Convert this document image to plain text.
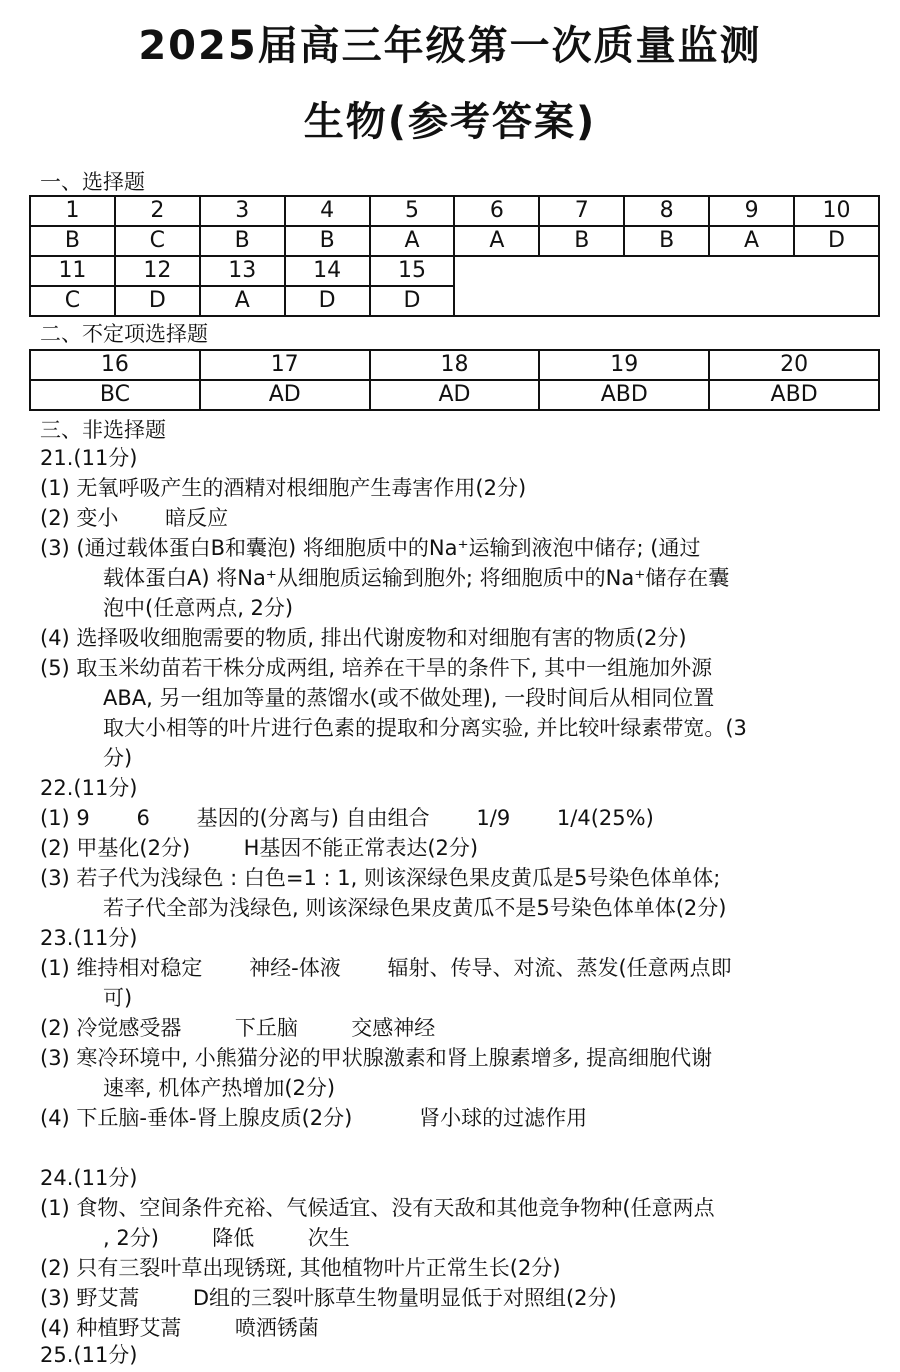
2025届高三年级第一次质量监测
生物(参考答案)
一、选择题
1	2	3	4	5	6	7	8	9	10
B	C	B	B	A	A	B	B	A	D
11	12	13	14	15					
C	D	A	D	D					
二、不定项选择题
16	17	18	19	20
BC	AD	AD	ABD	ABD
三、非选择题
21.(11分)
(1) 无氧呼吸产生的酒精对根细胞产生毒害作用(2分)
(2) 变小       暗反应
(3) (通过载体蛋白B和囊泡) 将细胞质中的Na⁺运输到液泡中储存; (通过
载体蛋白A) 将Na⁺从细胞质运输到胞外; 将细胞质中的Na⁺储存在囊
泡中(任意两点, 2分)
(4) 选择吸收细胞需要的物质, 排出代谢废物和对细胞有害的物质(2分)
(5) 取玉米幼苗若干株分成两组, 培养在干旱的条件下, 其中一组施加外源
ABA, 另一组加等量的蒸馏水(或不做处理), 一段时间后从相同位置
取大小相等的叶片进行色素的提取和分离实验, 并比较叶绿素带宽。(3
分)
22.(11分)
(1) 9       6       基因的(分离与) 自由组合       1/9       1/4(25%)
(2) 甲基化(2分)        H基因不能正常表达(2分)
(3) 若子代为浅绿色 : 白色=1 : 1, 则该深绿色果皮黄瓜是5号染色体单体;
若子代全部为浅绿色, 则该深绿色果皮黄瓜不是5号染色体单体(2分)
23.(11分)
(1) 维持相对稳定       神经-体液       辐射、传导、对流、蒸发(任意两点即
可)
(2) 冷觉感受器        下丘脑        交感神经
(3) 寒冷环境中, 小熊猫分泌的甲状腺激素和肾上腺素增多, 提高细胞代谢
速率, 机体产热增加(2分)
(4) 下丘脑-垂体-肾上腺皮质(2分)          肾小球的过滤作用
24.(11分)
(1) 食物、空间条件充裕、气候适宜、没有天敌和其他竞争物种(任意两点
, 2分)        降低        次生
(2) 只有三裂叶草出现锈斑, 其他植物叶片正常生长(2分)
(3) 野艾蒿        D组的三裂叶豚草生物量明显低于对照组(2分)
(4) 种植野艾蒿        喷洒锈菌
25.(11分)
